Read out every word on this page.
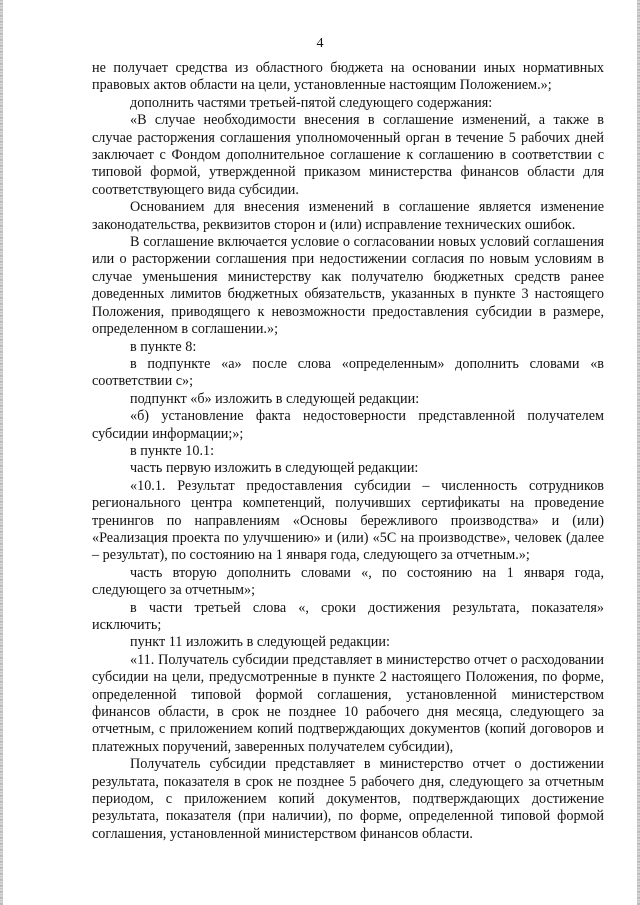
4

не получает средства из областного бюджета на основании иных нормативных правовых актов области на цели, установленные настоящим Положением.»;

дополнить частями третьей-пятой следующего содержания:

«В случае необходимости внесения в соглашение изменений, а также в случае расторжения соглашения уполномоченный орган в течение 5 рабочих дней заключает с Фондом дополнительное соглашение к соглашению в соответствии с типовой формой, утвержденной приказом министерства финансов области для соответствующего вида субсидии.

Основанием для внесения изменений в соглашение является изменение законодательства, реквизитов сторон и (или) исправление технических ошибок.

В соглашение включается условие о согласовании новых условий соглашения или о расторжении соглашения при недостижении согласия по новым условиям в случае уменьшения министерству как получателю бюджетных средств ранее доведенных лимитов бюджетных обязательств, указанных в пункте 3 настоящего Положения, приводящего к невозможности предоставления субсидии в размере, определенном в соглашении.»;

в пункте 8:

в подпункте «а» после слова «определенным» дополнить словами «в соответствии с»;

подпункт «б» изложить в следующей редакции:

«б) установление факта недостоверности представленной получателем субсидии информации;»;

в пункте 10.1:

часть первую изложить в следующей редакции:

«10.1. Результат предоставления субсидии – численность сотрудников регионального центра компетенций, получивших сертификаты на проведение тренингов по направлениям «Основы бережливого производства» и (или) «Реализация проекта по улучшению» и (или) «5С на производстве», человек (далее – результат), по состоянию на 1 января года, следующего за отчетным.»;

часть вторую дополнить словами «, по состоянию на 1 января года, следующего за отчетным»;

в части третьей слова «, сроки достижения результата, показателя» исключить;

пункт 11 изложить в следующей редакции:

«11. Получатель субсидии представляет в министерство отчет о расходовании субсидии на цели, предусмотренные в пункте 2 настоящего Положения, по форме, определенной типовой формой соглашения, установленной министерством финансов области, в срок не позднее 10 рабочего дня месяца, следующего за отчетным, с приложением копий подтверждающих документов (копий договоров и платежных поручений, заверенных получателем субсидии),

Получатель субсидии представляет в министерство отчет о достижении результата, показателя в срок не позднее 5 рабочего дня, следующего за отчетным периодом, с приложением копий документов, подтверждающих достижение результата, показателя (при наличии), по форме, определенной типовой формой соглашения, установленной министерством финансов области.
